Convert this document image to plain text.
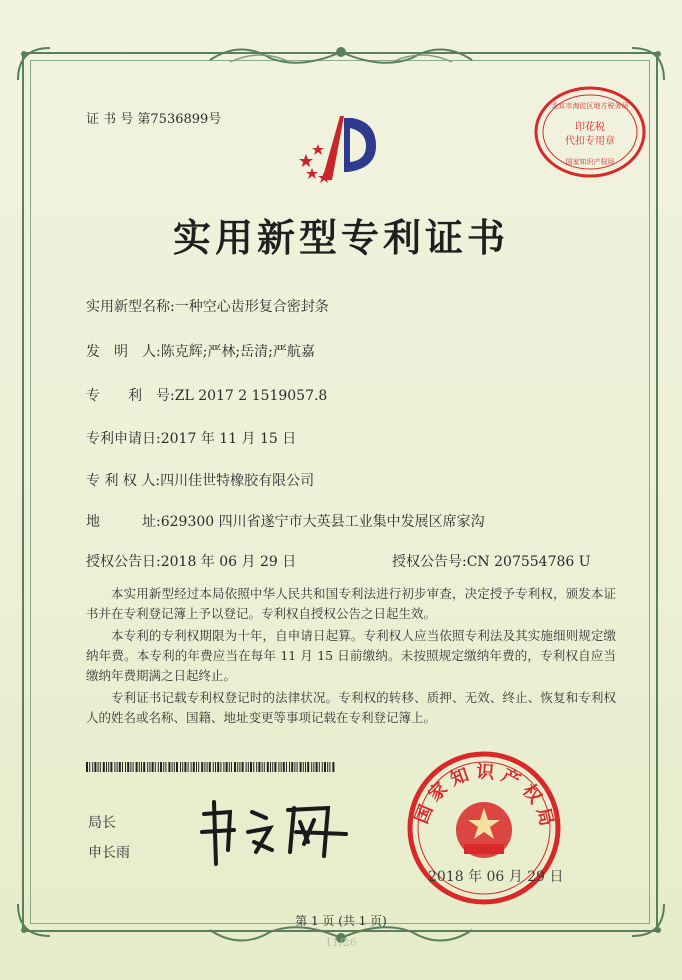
证 书 号 第7536899号
印花税
代扣专用章
北京市海淀区地方税务局
国家知识产权局
实用新型专利证书
实用新型名称:一种空心齿形复合密封条
发　明　人:陈克辉;严林;岳清;严航嘉
专　　利　号:ZL 2017 2 1519057.8
专利申请日:2017 年 11 月 15 日
专 利 权 人:四川佳世特橡胶有限公司
地　　　址:629300 四川省遂宁市大英县工业集中发展区席家沟
授权公告日:2018 年 06 月 29 日	授权公告号:CN 207554786 U
本实用新型经过本局依照中华人民共和国专利法进行初步审查，决定授予专利权，颁发本证书并在专利登记簿上予以登记。专利权自授权公告之日起生效。
本专利的专利权期限为十年，自申请日起算。专利权人应当依照专利法及其实施细则规定缴纳年费。本专利的年费应当在每年 11 月 15 日前缴纳。未按照规定缴纳年费的，专利权自应当缴纳年费期满之日起终止。
专利证书记载专利权登记时的法律状况。专利权的转移、质押、无效、终止、恢复和专利权人的姓名或名称、国籍、地址变更等事项记载在专利登记簿上。
局长
申长雨
国家知识产权局
2018 年 06 月 29 日
第 1 页 (共 1 页)
11/26
